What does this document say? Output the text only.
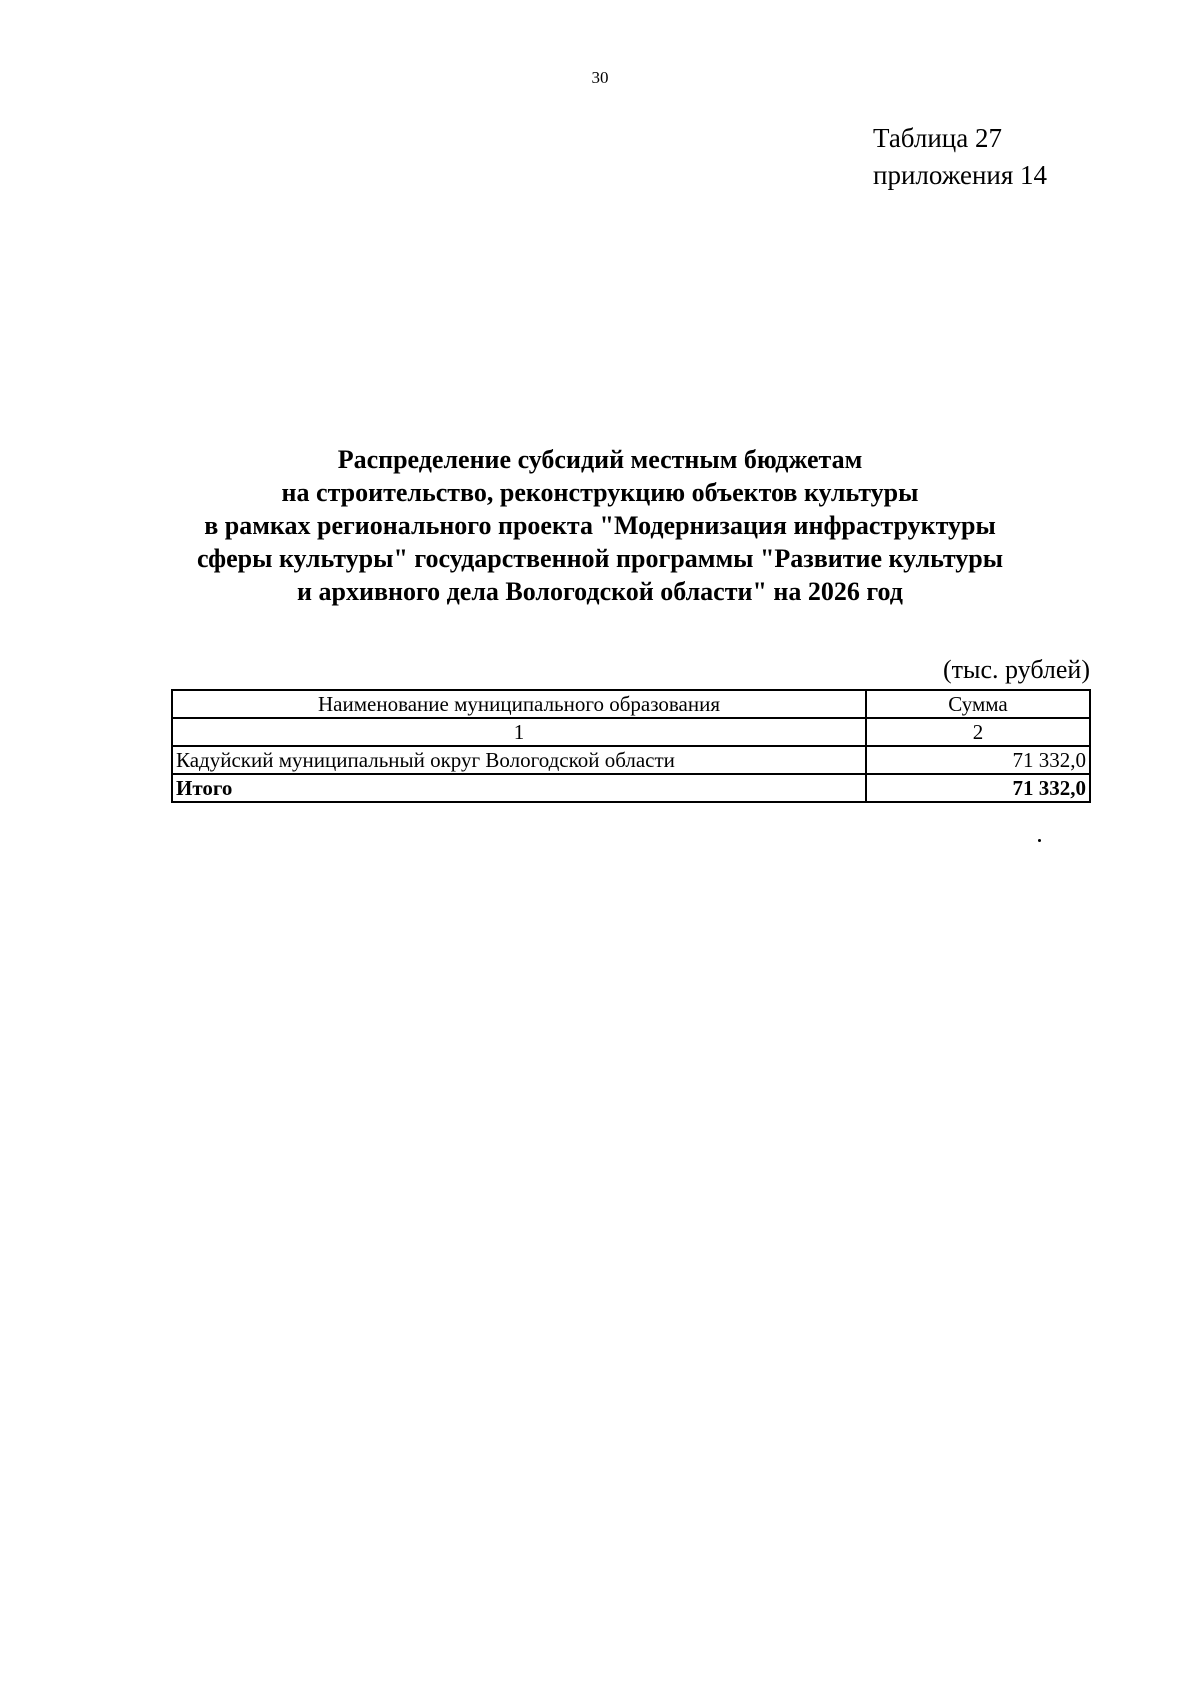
30
Таблица 27
приложения 14
Распределение субсидий местным бюджетам
на строительство, реконструкцию объектов культуры
в рамках регионального проекта "Модернизация инфраструктуры
сферы культуры" государственной программы "Развитие культуры
и архивного дела Вологодской области" на 2026 год
(тыс. рублей)
Наименование муниципального образования	Сумма
1	2
Кадуйский муниципальный округ Вологодской области	71 332,0
Итого	71 332,0
